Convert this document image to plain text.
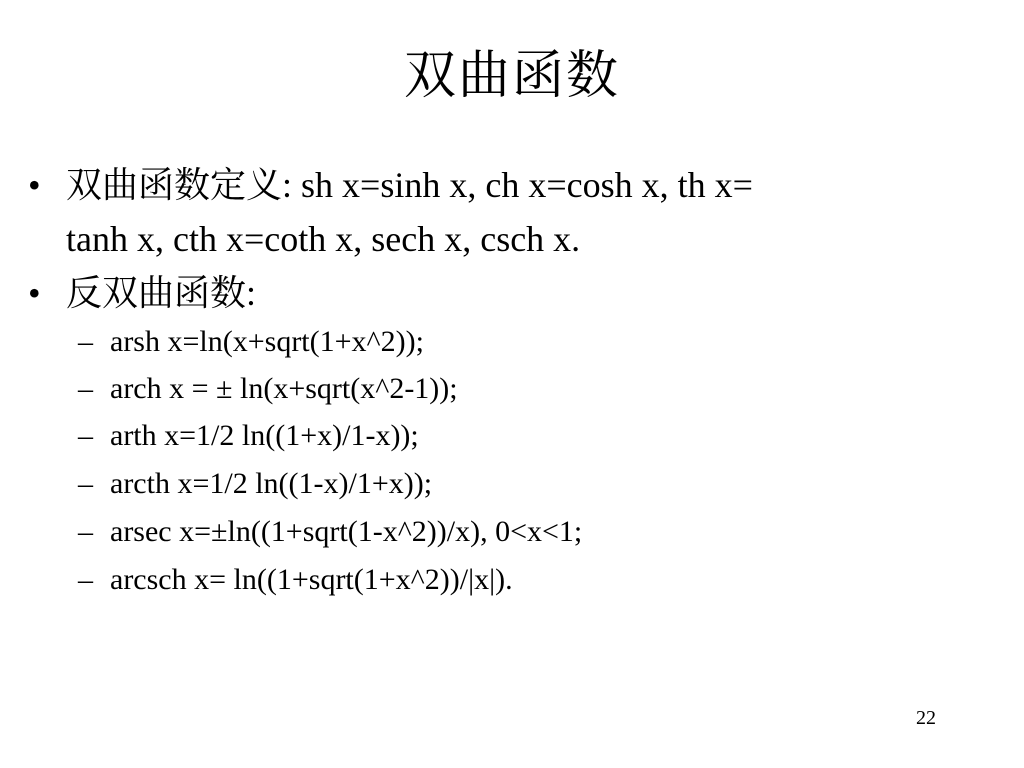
双曲函数
• 双曲函数定义: sh x=sinh x, ch x=cosh x, th x=
tanh x, cth x=coth x, sech x, csch x.
• 反双曲函数:
– arsh x=ln(x+sqrt(1+x^2));
– arch x = ± ln(x+sqrt(x^2-1));
– arth x=1/2 ln((1+x)/1-x));
– arcth x=1/2 ln((1-x)/1+x));
– arsec x=±ln((1+sqrt(1-x^2))/x), 0<x<1;
– arcsch x= ln((1+sqrt(1+x^2))/|x|).
22
